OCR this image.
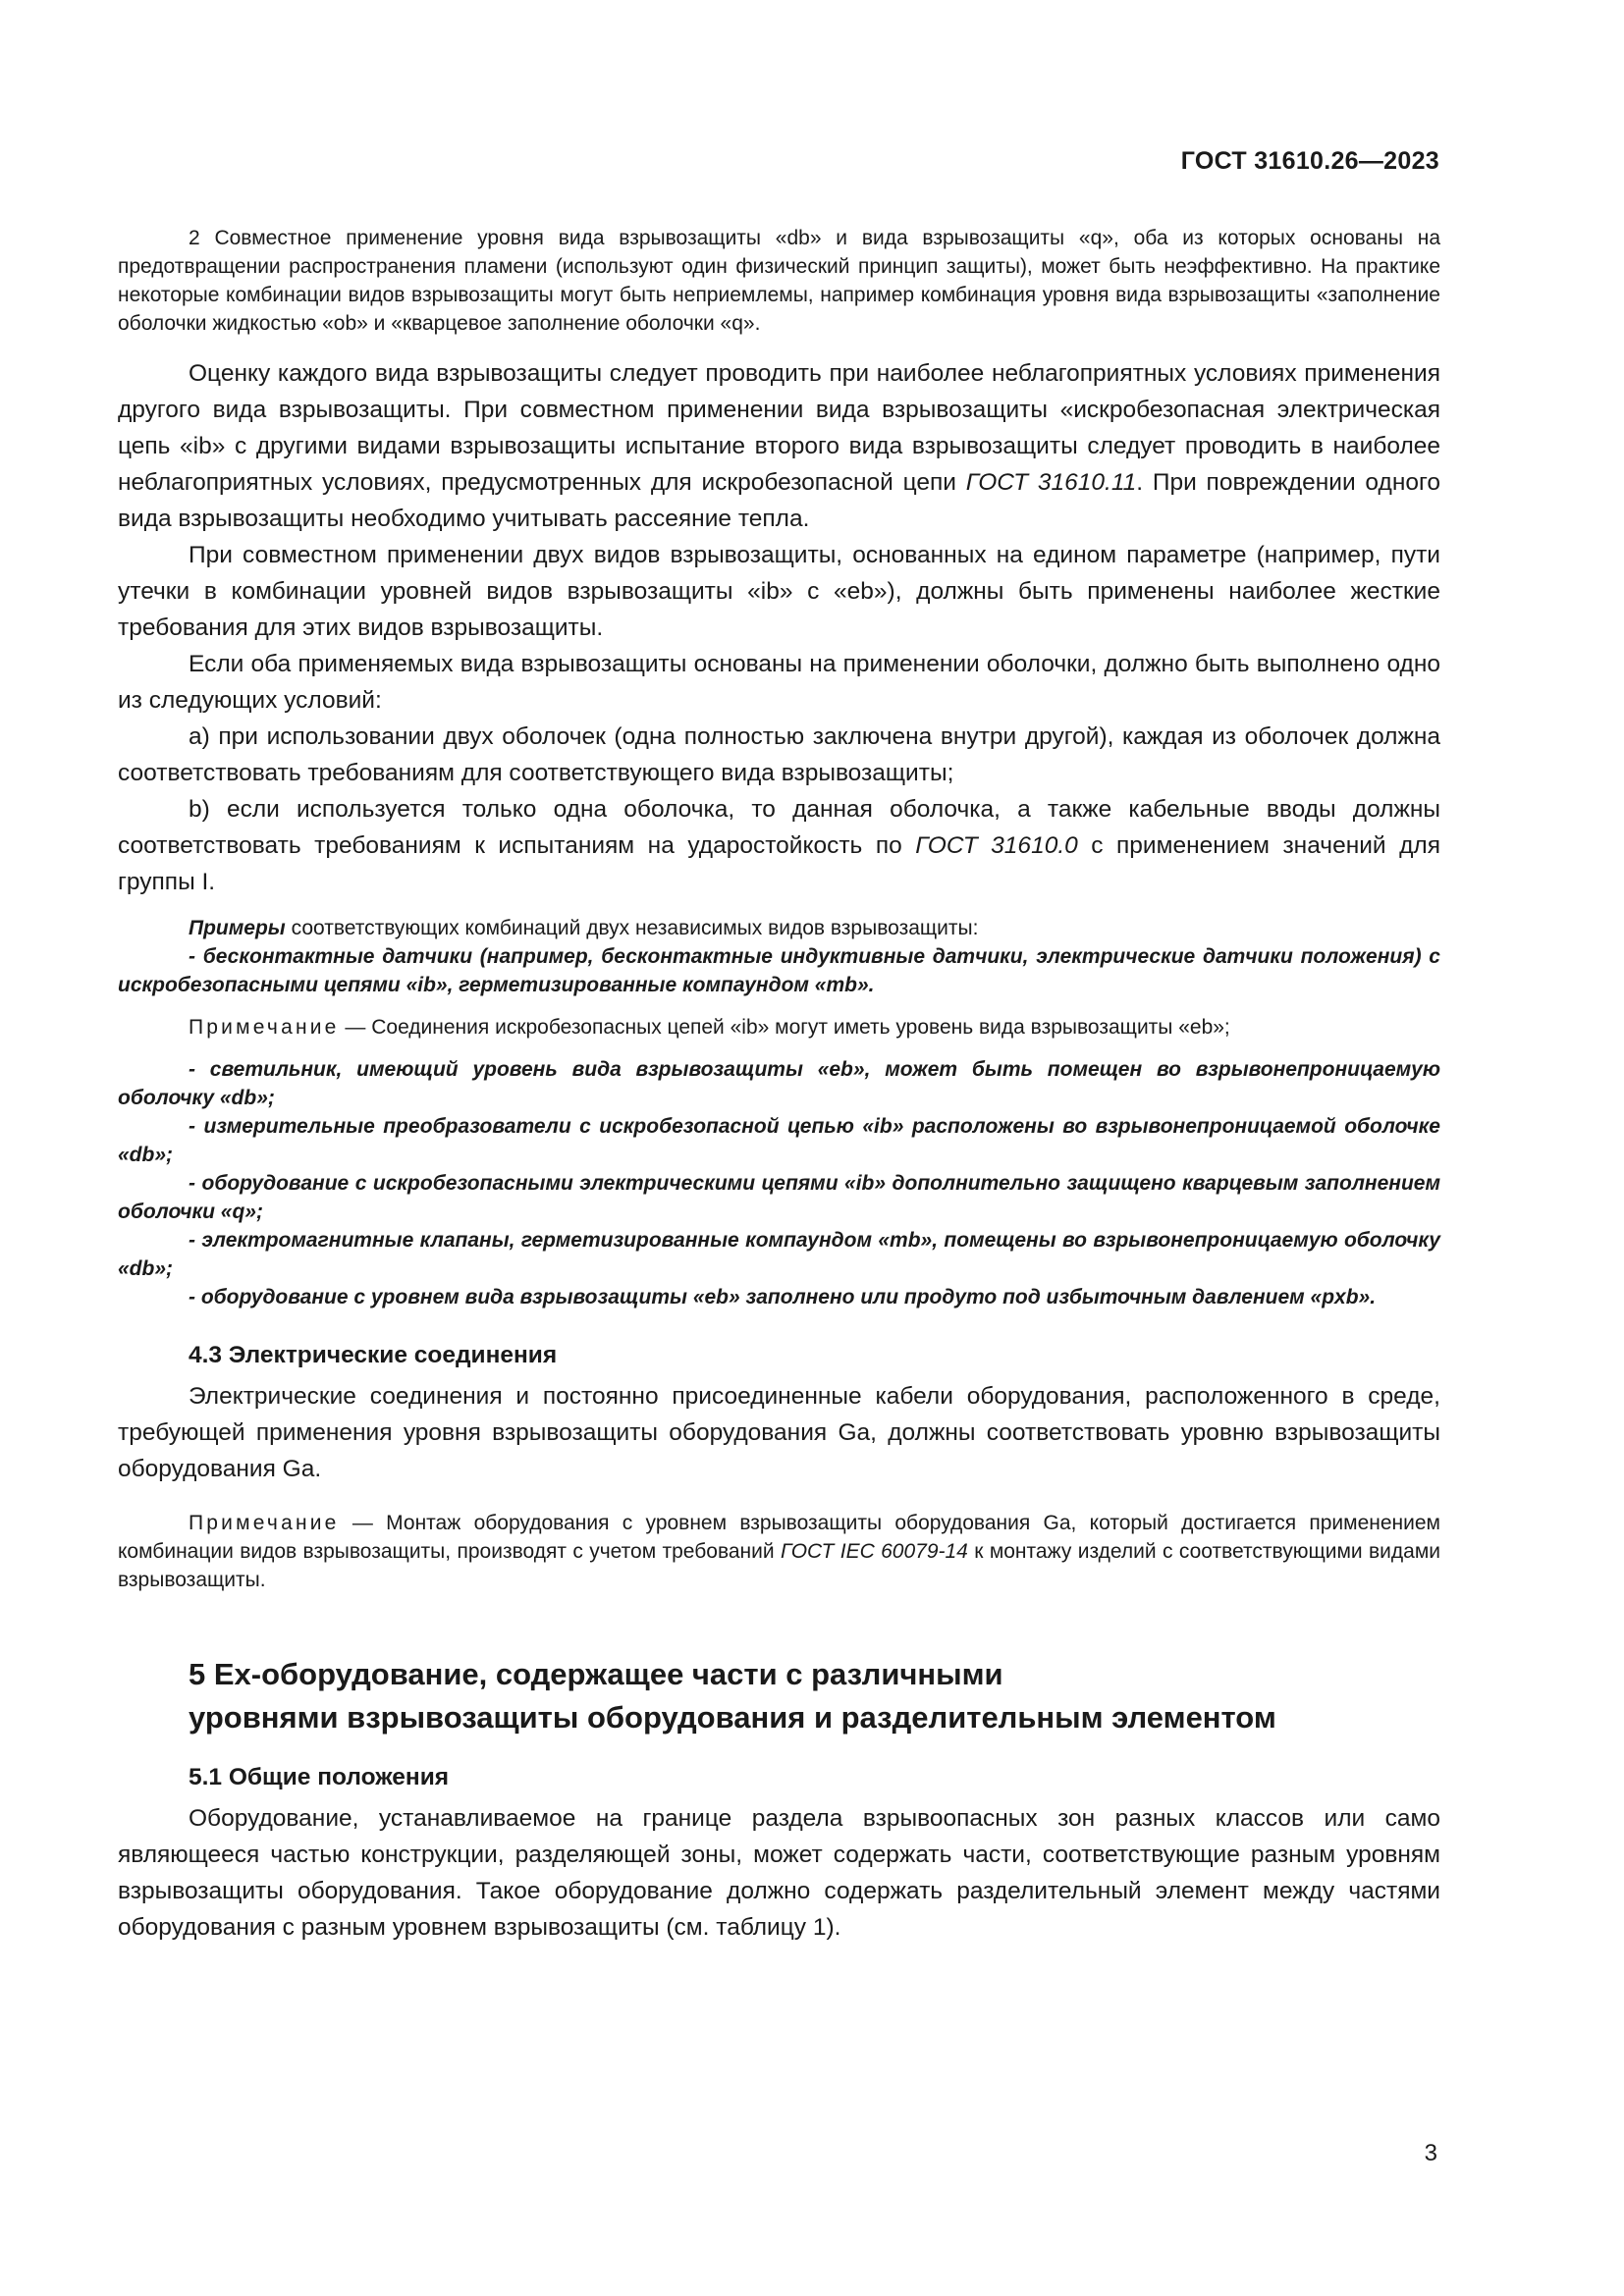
ГОСТ 31610.26—2023

2 Совместное применение уровня вида взрывозащиты «db» и вида взрывозащиты «q», оба из которых основаны на предотвращении распространения пламени (используют один физический принцип защиты), может быть неэффективно. На практике некоторые комбинации видов взрывозащиты могут быть неприемлемы, например комбинация уровня вида взрывозащиты «заполнение оболочки жидкостью «ob» и «кварцевое заполнение оболочки «q».

Оценку каждого вида взрывозащиты следует проводить при наиболее неблагоприятных условиях применения другого вида взрывозащиты. При совместном применении вида взрывозащиты «искробезопасная электрическая цепь «ib» с другими видами взрывозащиты испытание второго вида взрывозащиты следует проводить в наиболее неблагоприятных условиях, предусмотренных для искробезопасной цепи ГОСТ 31610.11. При повреждении одного вида взрывозащиты необходимо учитывать рассеяние тепла.

При совместном применении двух видов взрывозащиты, основанных на едином параметре (например, пути утечки в комбинации уровней видов взрывозащиты «ib» с «eb»), должны быть применены наиболее жесткие требования для этих видов взрывозащиты.

Если оба применяемых вида взрывозащиты основаны на применении оболочки, должно быть выполнено одно из следующих условий:

a) при использовании двух оболочек (одна полностью заключена внутри другой), каждая из оболочек должна соответствовать требованиям для соответствующего вида взрывозащиты;

b) если используется только одна оболочка, то данная оболочка, а также кабельные вводы должны соответствовать требованиям к испытаниям на ударостойкость по ГОСТ 31610.0 с применением значений для группы I.

Примеры соответствующих комбинаций двух независимых видов взрывозащиты:

- бесконтактные датчики (например, бесконтактные индуктивные датчики, электрические датчики положения) с искробезопасными цепями «ib», герметизированные компаундом «mb».

Примечание — Соединения искробезопасных цепей «ib» могут иметь уровень вида взрывозащиты «eb»;

- светильник, имеющий уровень вида взрывозащиты «eb», может быть помещен во взрывонепроницаемую оболочку «db»;

- измерительные преобразователи с искробезопасной цепью «ib» расположены во взрывонепроницаемой оболочке «db»;

- оборудование с искробезопасными электрическими цепями «ib» дополнительно защищено кварцевым заполнением оболочки «q»;

- электромагнитные клапаны, герметизированные компаундом «mb», помещены во взрывонепроницаемую оболочку «db»;

- оборудование с уровнем вида взрывозащиты «eb» заполнено или продуто под избыточным давлением «pxb».

4.3 Электрические соединения

Электрические соединения и постоянно присоединенные кабели оборудования, расположенного в среде, требующей применения уровня взрывозащиты оборудования Ga, должны соответствовать уровню взрывозащиты оборудования Ga.

Примечание — Монтаж оборудования с уровнем взрывозащиты оборудования Ga, который достигается применением комбинации видов взрывозащиты, производят с учетом требований ГОСТ IEC 60079-14 к монтажу изделий с соответствующими видами взрывозащиты.

5 Ех-оборудование, содержащее части с различными
уровнями взрывозащиты оборудования и разделительным элементом
5.1 Общие положения

Оборудование, устанавливаемое на границе раздела взрывоопасных зон разных классов или само являющееся частью конструкции, разделяющей зоны, может содержать части, соответствующие разным уровням взрывозащиты оборудования. Такое оборудование должно содержать разделительный элемент между частями оборудования с разным уровнем взрывозащиты (см. таблицу 1).

3
